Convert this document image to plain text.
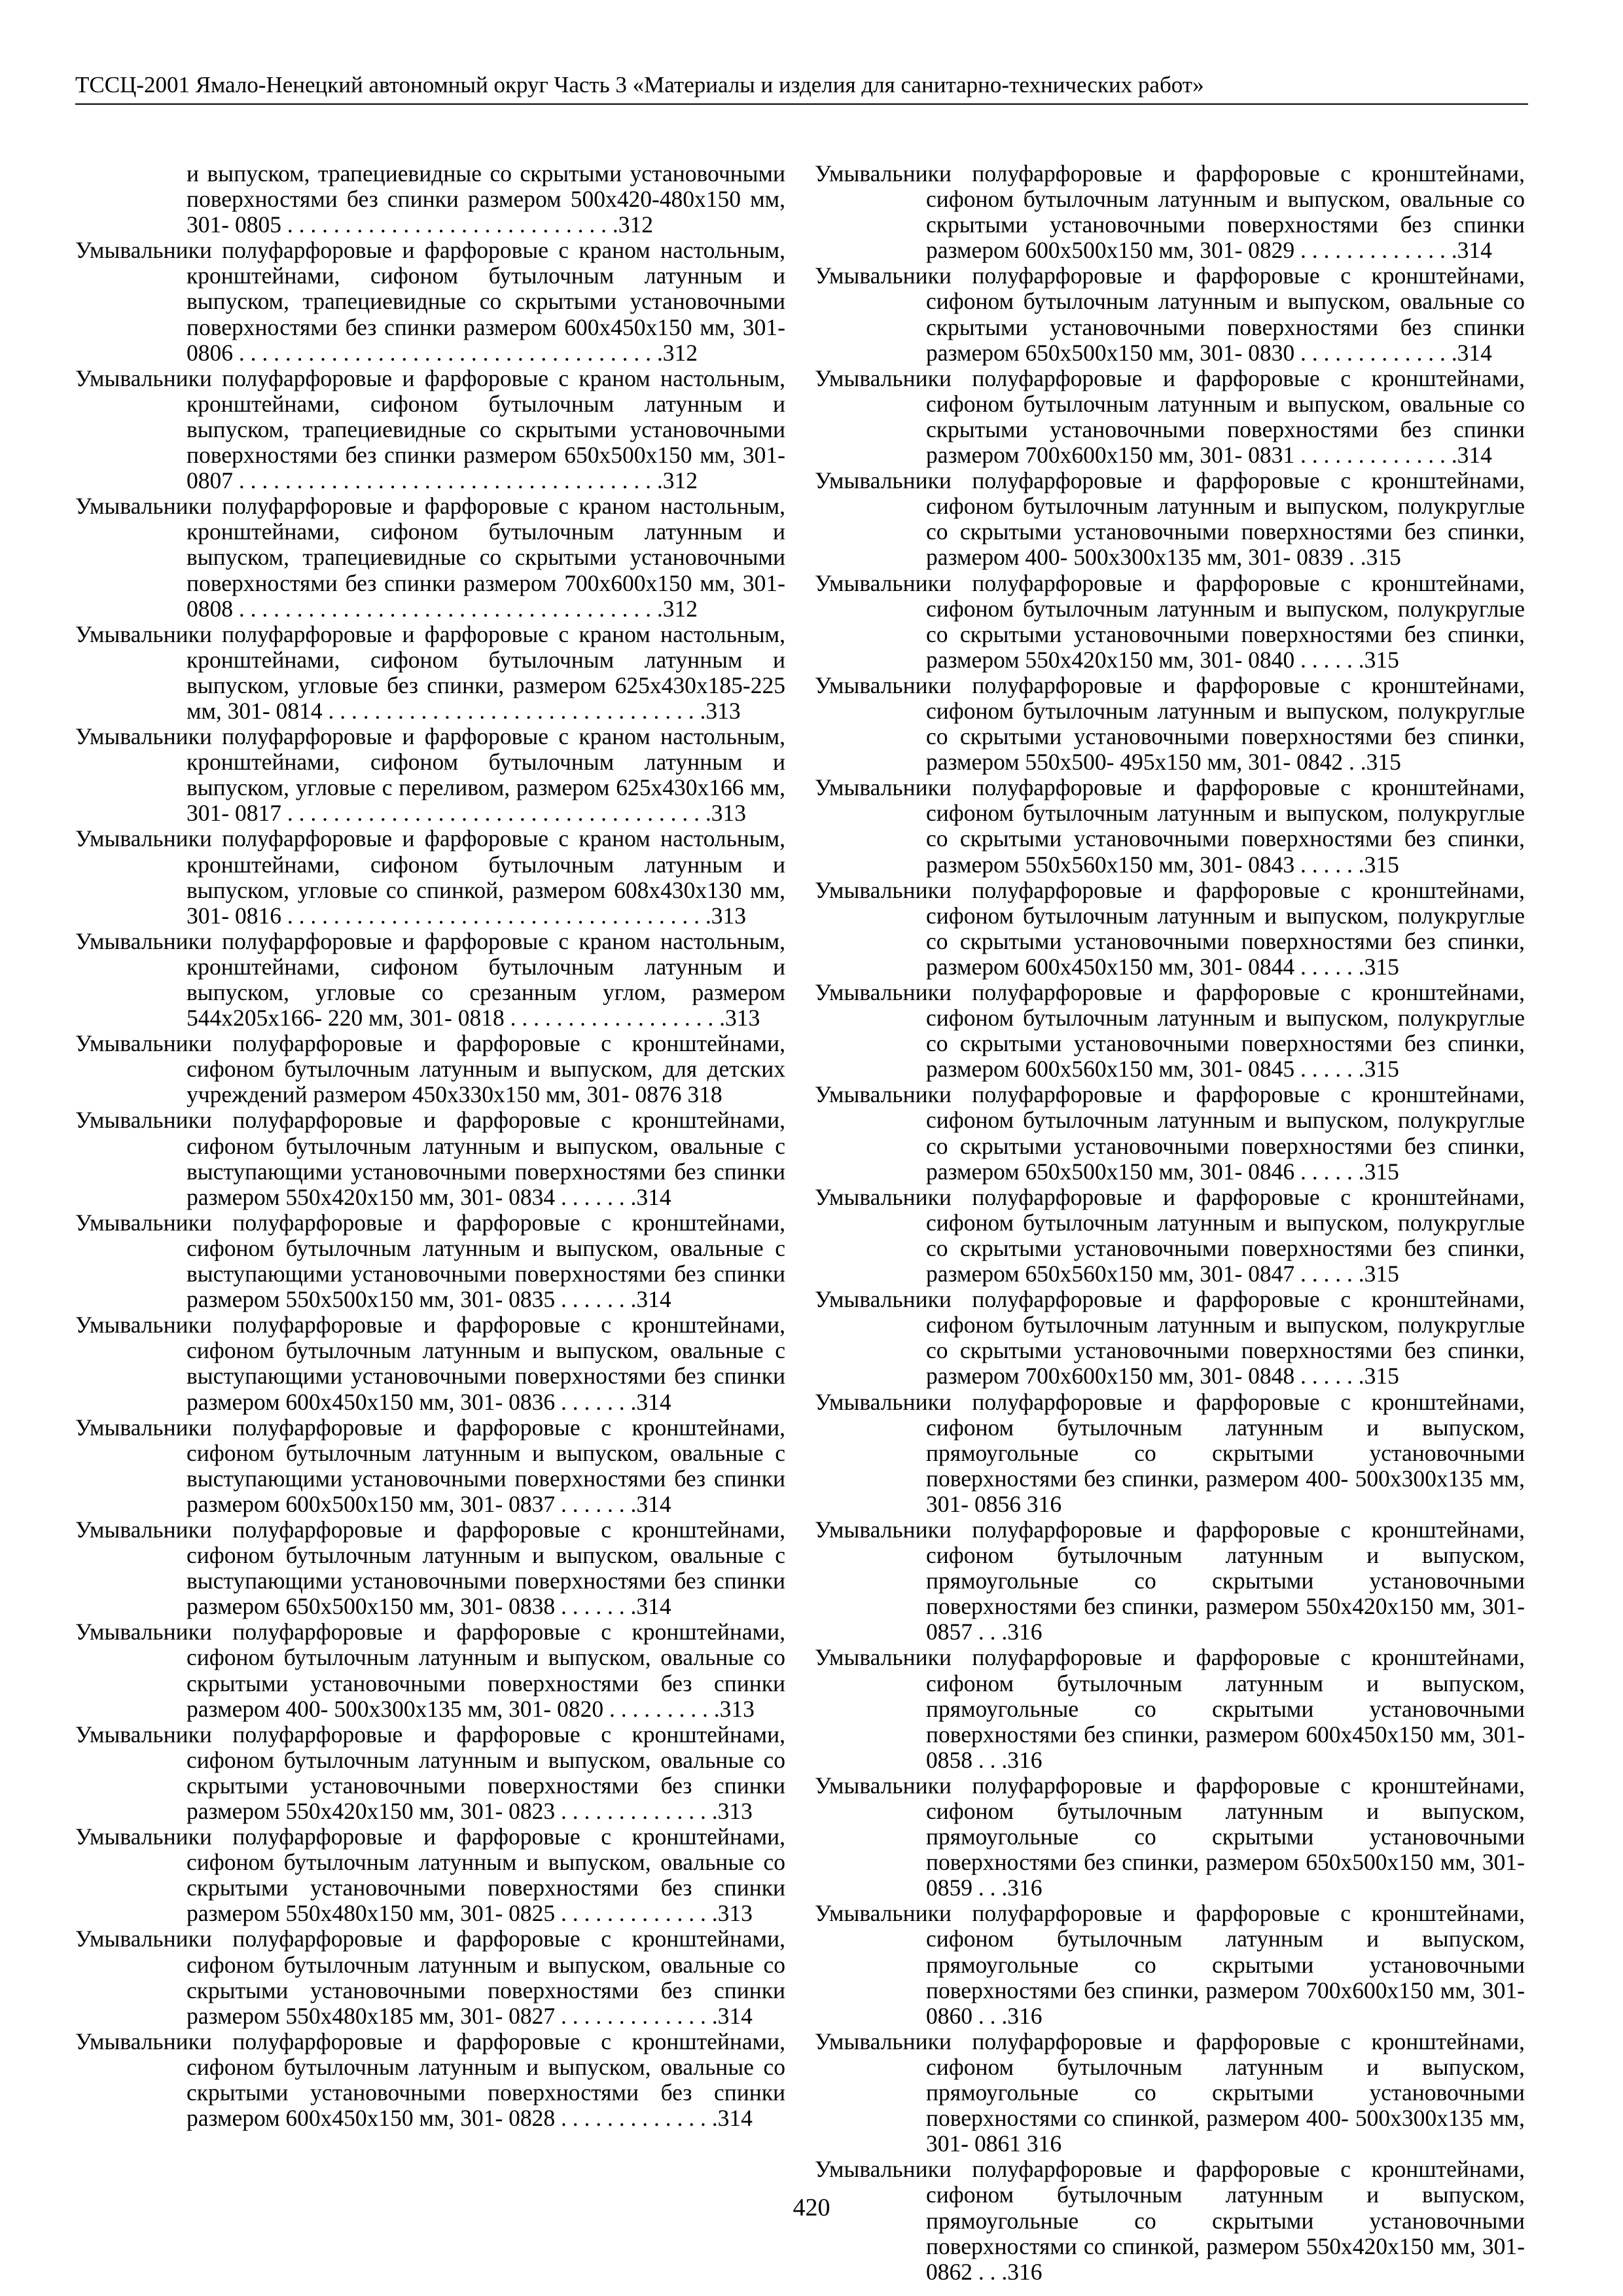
ТССЦ-2001 Ямало-Ненецкий автономный округ Часть 3 «Материалы и изделия для санитарно-технических работ»
и выпуском, трапециевидные со скрытыми установочными поверхностями без спинки размером 500х420-480х150 мм, 301- 0805 . . . . . . . . . . . . . . . . . . . . . . . . . . . . .312
Умывальники полуфарфоровые и фарфоровые с краном настольным, кронштейнами, сифоном бутылочным латунным и выпуском, трапециевидные со скрытыми установочными поверхностями без спинки размером 600х450х150 мм, 301- 0806 . . . . . . . . . . . . . . . . . . . . . . . . . . . . . . . . . . . . .312
Умывальники полуфарфоровые и фарфоровые с краном настольным, кронштейнами, сифоном бутылочным латунным и выпуском, трапециевидные со скрытыми установочными поверхностями без спинки размером 650х500х150 мм, 301- 0807 . . . . . . . . . . . . . . . . . . . . . . . . . . . . . . . . . . . . .312
Умывальники полуфарфоровые и фарфоровые с краном настольным, кронштейнами, сифоном бутылочным латунным и выпуском, трапециевидные со скрытыми установочными поверхностями без спинки размером 700х600х150 мм, 301- 0808 . . . . . . . . . . . . . . . . . . . . . . . . . . . . . . . . . . . . .312
Умывальники полуфарфоровые и фарфоровые с краном настольным, кронштейнами, сифоном бутылочным латунным и выпуском, угловые без спинки, размером 625х430х185-225 мм, 301- 0814 . . . . . . . . . . . . . . . . . . . . . . . . . . . . . . . . .313
Умывальники полуфарфоровые и фарфоровые с краном настольным, кронштейнами, сифоном бутылочным латунным и выпуском, угловые с переливом, размером 625х430х166 мм, 301- 0817 . . . . . . . . . . . . . . . . . . . . . . . . . . . . . . . . . . . . .313
Умывальники полуфарфоровые и фарфоровые с краном настольным, кронштейнами, сифоном бутылочным латунным и выпуском, угловые со спинкой, размером 608х430х130 мм, 301- 0816 . . . . . . . . . . . . . . . . . . . . . . . . . . . . . . . . . . . . .313
Умывальники полуфарфоровые и фарфоровые с краном настольным, кронштейнами, сифоном бутылочным латунным и выпуском, угловые со срезанным углом, размером 544х205х166- 220 мм, 301- 0818 . . . . . . . . . . . . . . . . . . .313
Умывальники полуфарфоровые и фарфоровые с кронштейнами, сифоном бутылочным латунным и выпуском, для детских учреждений размером 450х330х150 мм, 301- 0876 318
Умывальники полуфарфоровые и фарфоровые с кронштейнами, сифоном бутылочным латунным и выпуском, овальные с выступающими установочными поверхностями без спинки размером 550х420х150 мм, 301- 0834 . . . . . . .314
Умывальники полуфарфоровые и фарфоровые с кронштейнами, сифоном бутылочным латунным и выпуском, овальные с выступающими установочными поверхностями без спинки размером 550х500х150 мм, 301- 0835 . . . . . . .314
Умывальники полуфарфоровые и фарфоровые с кронштейнами, сифоном бутылочным латунным и выпуском, овальные с выступающими установочными поверхностями без спинки размером 600х450х150 мм, 301- 0836 . . . . . . .314
Умывальники полуфарфоровые и фарфоровые с кронштейнами, сифоном бутылочным латунным и выпуском, овальные с выступающими установочными поверхностями без спинки размером 600х500х150 мм, 301- 0837 . . . . . . .314
Умывальники полуфарфоровые и фарфоровые с кронштейнами, сифоном бутылочным латунным и выпуском, овальные с выступающими установочными поверхностями без спинки размером 650х500х150 мм, 301- 0838 . . . . . . .314
Умывальники полуфарфоровые и фарфоровые с кронштейнами, сифоном бутылочным латунным и выпуском, овальные со скрытыми установочными поверхностями без спинки размером 400- 500х300х135 мм, 301- 0820 . . . . . . . . . .313
Умывальники полуфарфоровые и фарфоровые с кронштейнами, сифоном бутылочным латунным и выпуском, овальные со скрытыми установочными поверхностями без спинки размером 550х420х150 мм, 301- 0823 . . . . . . . . . . . . . .313
Умывальники полуфарфоровые и фарфоровые с кронштейнами, сифоном бутылочным латунным и выпуском, овальные со скрытыми установочными поверхностями без спинки размером 550х480х150 мм, 301- 0825 . . . . . . . . . . . . . .313
Умывальники полуфарфоровые и фарфоровые с кронштейнами, сифоном бутылочным латунным и выпуском, овальные со скрытыми установочными поверхностями без спинки размером 550х480х185 мм, 301- 0827 . . . . . . . . . . . . . .314
Умывальники полуфарфоровые и фарфоровые с кронштейнами, сифоном бутылочным латунным и выпуском, овальные со скрытыми установочными поверхностями без спинки размером 600х450х150 мм, 301- 0828 . . . . . . . . . . . . . .314
Умывальники полуфарфоровые и фарфоровые с кронштейнами, сифоном бутылочным латунным и выпуском, овальные со скрытыми установочными поверхностями без спинки размером 600х500х150 мм, 301- 0829 . . . . . . . . . . . . . .314
Умывальники полуфарфоровые и фарфоровые с кронштейнами, сифоном бутылочным латунным и выпуском, овальные со скрытыми установочными поверхностями без спинки размером 650х500х150 мм, 301- 0830 . . . . . . . . . . . . . .314
Умывальники полуфарфоровые и фарфоровые с кронштейнами, сифоном бутылочным латунным и выпуском, овальные со скрытыми установочными поверхностями без спинки размером 700х600х150 мм, 301- 0831 . . . . . . . . . . . . . .314
Умывальники полуфарфоровые и фарфоровые с кронштейнами, сифоном бутылочным латунным и выпуском, полукруглые со скрытыми установочными поверхностями без спинки, размером 400- 500х300х135 мм, 301- 0839 . .315
Умывальники полуфарфоровые и фарфоровые с кронштейнами, сифоном бутылочным латунным и выпуском, полукруглые со скрытыми установочными поверхностями без спинки, размером 550х420х150 мм, 301- 0840 . . . . . .315
Умывальники полуфарфоровые и фарфоровые с кронштейнами, сифоном бутылочным латунным и выпуском, полукруглые со скрытыми установочными поверхностями без спинки, размером 550х500- 495х150 мм, 301- 0842 . .315
Умывальники полуфарфоровые и фарфоровые с кронштейнами, сифоном бутылочным латунным и выпуском, полукруглые со скрытыми установочными поверхностями без спинки, размером 550х560х150 мм, 301- 0843 . . . . . .315
Умывальники полуфарфоровые и фарфоровые с кронштейнами, сифоном бутылочным латунным и выпуском, полукруглые со скрытыми установочными поверхностями без спинки, размером 600х450х150 мм, 301- 0844 . . . . . .315
Умывальники полуфарфоровые и фарфоровые с кронштейнами, сифоном бутылочным латунным и выпуском, полукруглые со скрытыми установочными поверхностями без спинки, размером 600х560х150 мм, 301- 0845 . . . . . .315
Умывальники полуфарфоровые и фарфоровые с кронштейнами, сифоном бутылочным латунным и выпуском, полукруглые со скрытыми установочными поверхностями без спинки, размером 650х500х150 мм, 301- 0846 . . . . . .315
Умывальники полуфарфоровые и фарфоровые с кронштейнами, сифоном бутылочным латунным и выпуском, полукруглые со скрытыми установочными поверхностями без спинки, размером 650х560х150 мм, 301- 0847 . . . . . .315
Умывальники полуфарфоровые и фарфоровые с кронштейнами, сифоном бутылочным латунным и выпуском, полукруглые со скрытыми установочными поверхностями без спинки, размером 700х600х150 мм, 301- 0848 . . . . . .315
Умывальники полуфарфоровые и фарфоровые с кронштейнами, сифоном бутылочным латунным и выпуском, прямоугольные со скрытыми установочными поверхностями без спинки, размером 400- 500х300х135 мм, 301- 0856 316
Умывальники полуфарфоровые и фарфоровые с кронштейнами, сифоном бутылочным латунным и выпуском, прямоугольные со скрытыми установочными поверхностями без спинки, размером 550х420х150 мм, 301- 0857 . . .316
Умывальники полуфарфоровые и фарфоровые с кронштейнами, сифоном бутылочным латунным и выпуском, прямоугольные со скрытыми установочными поверхностями без спинки, размером 600х450х150 мм, 301- 0858 . . .316
Умывальники полуфарфоровые и фарфоровые с кронштейнами, сифоном бутылочным латунным и выпуском, прямоугольные со скрытыми установочными поверхностями без спинки, размером 650х500х150 мм, 301- 0859 . . .316
Умывальники полуфарфоровые и фарфоровые с кронштейнами, сифоном бутылочным латунным и выпуском, прямоугольные со скрытыми установочными поверхностями без спинки, размером 700х600х150 мм, 301- 0860 . . .316
Умывальники полуфарфоровые и фарфоровые с кронштейнами, сифоном бутылочным латунным и выпуском, прямоугольные со скрытыми установочными поверхностями со спинкой, размером 400- 500х300х135 мм, 301- 0861 316
Умывальники полуфарфоровые и фарфоровые с кронштейнами, сифоном бутылочным латунным и выпуском, прямоугольные со скрытыми установочными поверхностями со спинкой, размером 550х420х150 мм, 301- 0862 . . .316
420
